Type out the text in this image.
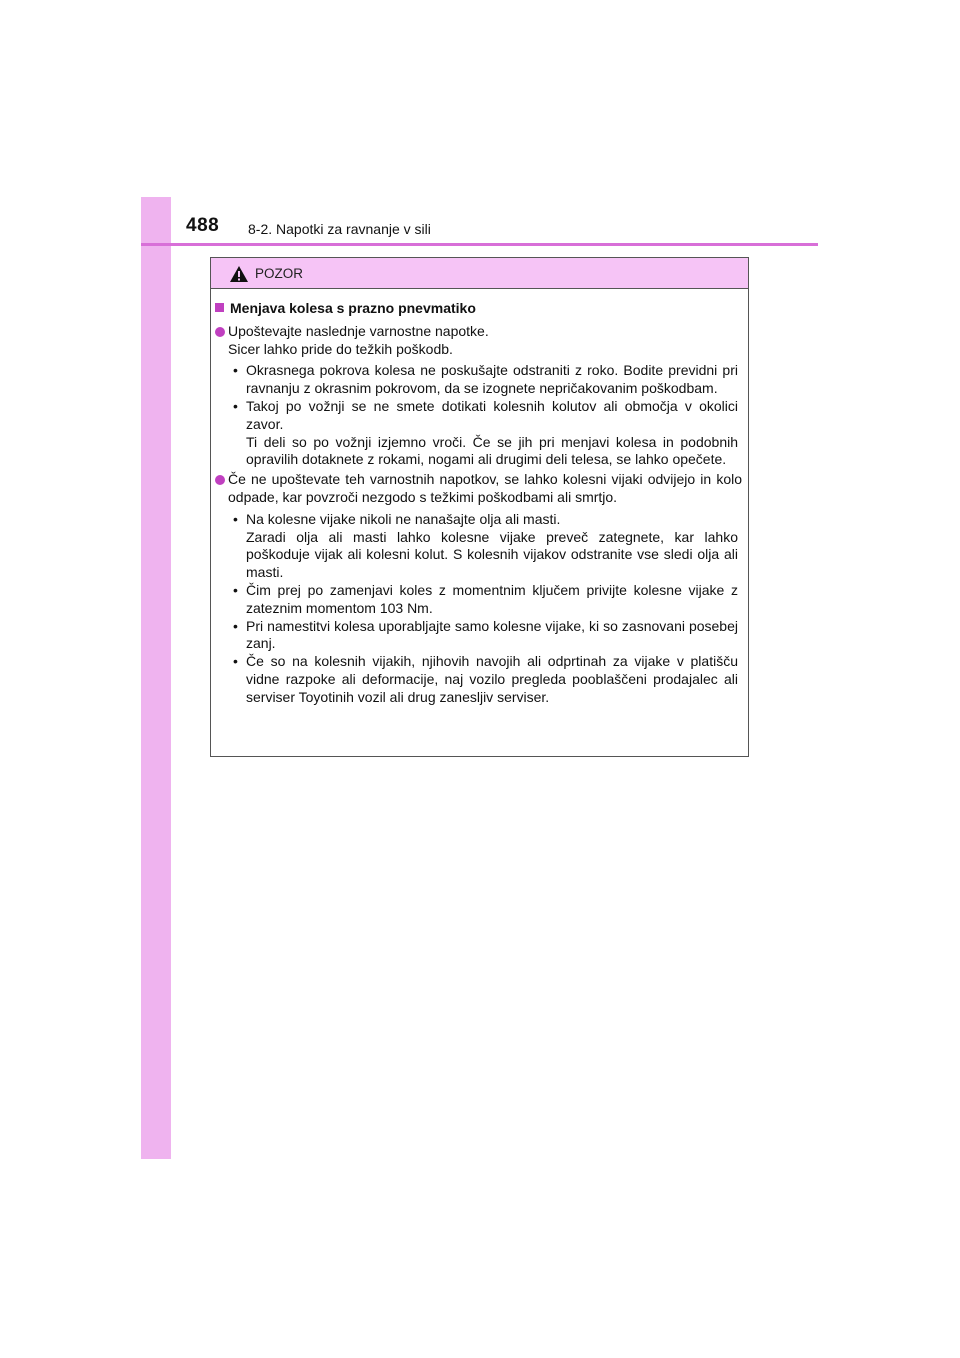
488 8-2. Napotki za ravnanje v sili
POZOR
Menjava kolesa s prazno pnevmatiko
Upoštevajte naslednje varnostne napotke.
Sicer lahko pride do težkih poškodb.
• Okrasnega pokrova kolesa ne poskušajte odstraniti z roko. Bodite previdni pri ravnanju z okrasnim pokrovom, da se izognete nepričakovanim poškodbam.

• Takoj po vožnji se ne smete dotikati kolesnih kolutov ali območja v okolici zavor.

Ti deli so po vožnji izjemno vroči. Če se jih pri menjavi kolesa in podobnih opravilih dotaknete z rokami, nogami ali drugimi deli telesa, se lahko opečete.

Če ne upoštevate teh varnostnih napotkov, se lahko kolesni vijaki odvijejo in kolo odpade, kar povzroči nezgodo s težkimi poškodbami ali smrtjo.
• Na kolesne vijake nikoli ne nanašajte olja ali masti.

Zaradi olja ali masti lahko kolesne vijake preveč zategnete, kar lahko poškoduje vijak ali kolesni kolut. S kolesnih vijakov odstranite vse sledi olja ali masti.

• Čim prej po zamenjavi koles z momentnim ključem privijte kolesne vijake z zateznim momentom 103 Nm.

• Pri namestitvi kolesa uporabljajte samo kolesne vijake, ki so zasnovani posebej zanj.

• Če so na kolesnih vijakih, njihovih navojih ali odprtinah za vijake v platišču vidne razpoke ali deformacije, naj vozilo pregleda pooblaščeni prodajalec ali serviser Toyotinih vozil ali drug zanesljiv serviser.
